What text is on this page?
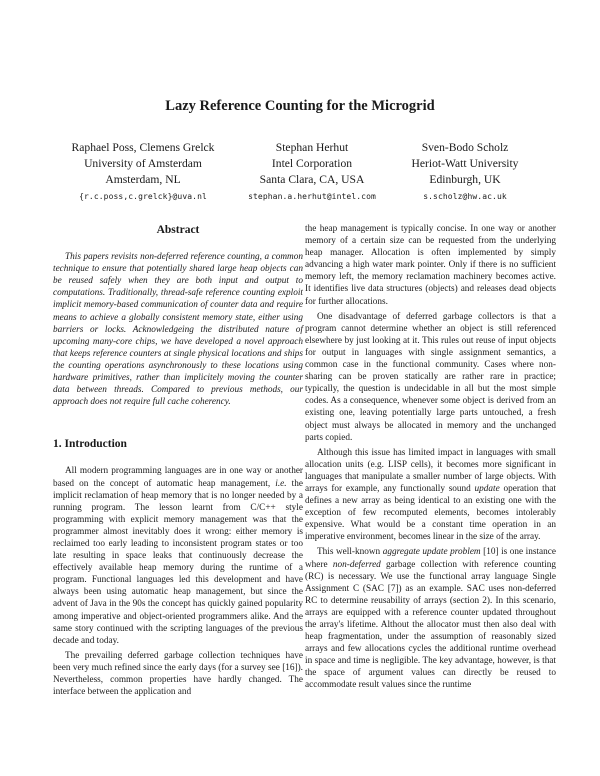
Lazy Reference Counting for the Microgrid
Raphael Poss, Clemens Grelck
University of Amsterdam
Amsterdam, NL
{r.c.poss,c.grelck}@uva.nl
Stephan Herhut
Intel Corporation
Santa Clara, CA, USA
stephan.a.herhut@intel.com
Sven-Bodo Scholz
Heriot-Watt University
Edinburgh, UK
s.scholz@hw.ac.uk
Abstract

This papers revisits non-deferred reference counting, a common technique to ensure that potentially shared large heap objects can be reused safely when they are both input and output to computations. Traditionally, thread-safe reference counting exploit implicit memory-based communication of counter data and require means to achieve a globally consistent memory state, either using barriers or locks. Acknowledgeing the distributed nature of upcoming many-core chips, we have developed a novel approach that keeps reference counters at single physical locations and ships the counting operations asynchronously to these locations using hardware primitives, rather than implicitely moving the counter data between threads. Compared to previous methods, our approach does not require full cache coherency.

1. Introduction

All modern programming languages are in one way or another based on the concept of automatic heap management, i.e. the implicit reclamation of heap memory that is no longer needed by a running program. The lesson learnt from C/C++ style programming with explicit memory management was that the programmer almost inevitably does it wrong: either memory is reclaimed too early leading to inconsistent program states or too late resulting in space leaks that continuously decrease the effectively available heap memory during the runtime of a program. Functional languages led this development and have always been using automatic heap management, but since the advent of Java in the 90s the concept has quickly gained popularity among imperative and object-oriented programmers alike. And the same story continued with the scripting languages of the previous decade and today.

The prevailing deferred garbage collection techniques have been very much refined since the early days (for a survey see [16]). Nevertheless, common properties have hardly changed. The interface between the application and

the heap management is typically concise. In one way or another memory of a certain size can be requested from the underlying heap manager. Allocation is often implemented by simply advancing a high water mark pointer. Only if there is no sufficient memory left, the memory reclamation machinery becomes active. It identifies live data structures (objects) and releases dead objects for further allocations.

One disadvantage of deferred garbage collectors is that a program cannot determine whether an object is still referenced elsewhere by just looking at it. This rules out reuse of input objects for output in languages with single assignment semantics, a common case in the functional community. Cases where non-sharing can be proven statically are rather rare in practice; typically, the question is undecidable in all but the most simple codes. As a consequence, whenever some object is derived from an existing one, leaving potentially large parts untouched, a fresh object must always be allocated in memory and the unchanged parts copied.

Although this issue has limited impact in languages with small allocation units (e.g. LISP cells), it becomes more significant in languages that manipulate a smaller number of large objects. With arrays for example, any functionally sound update operation that defines a new array as being identical to an existing one with the exception of few recomputed elements, becomes intolerably expensive. What would be a constant time operation in an imperative environment, becomes linear in the size of the array.

This well-known aggregate update problem [10] is one instance where non-deferred garbage collection with reference counting (RC) is necessary. We use the functional array language Single Assignment C (SAC [7]) as an example. SAC uses non-deferred RC to determine reusability of arrays (section 2). In this scenario, arrays are equipped with a reference counter updated throughout the array's lifetime. Althout the allocator must then also deal with heap fragmentation, under the assumption of reasonably sized arrays and few allocations cycles the additional runtime overhead in space and time is negligible. The key advantage, however, is that the space of argument values can directly be reused to accommodate result values since the runtime
